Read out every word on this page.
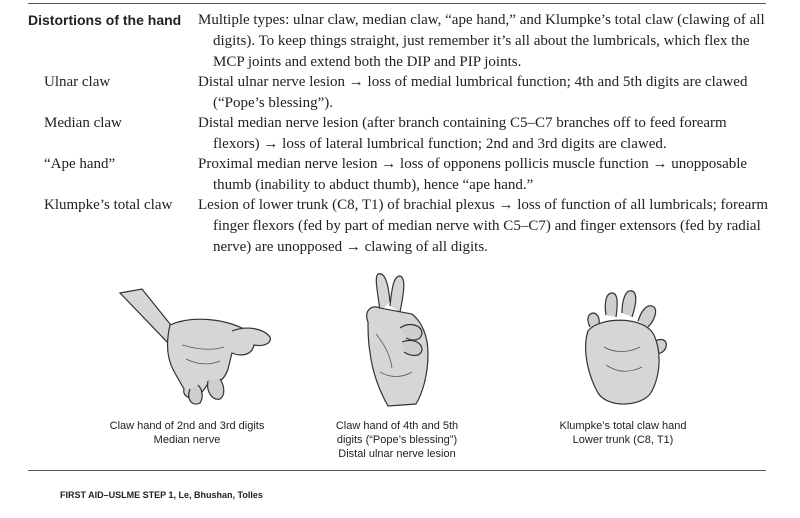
Distortions of the hand	Multiple types: ulnar claw, median claw, “ape hand,” and Klumpke’s total claw (clawing of all digits). To keep things straight, just remember it’s all about the lumbricals, which flex the MCP joints and extend both the DIP and PIP joints.
Ulnar claw	Distal ulnar nerve lesion → loss of medial lumbrical function; 4th and 5th digits are clawed (“Pope’s blessing”).
Median claw	Distal median nerve lesion (after branch containing C5–C7 branches off to feed forearm flexors) → loss of lateral lumbrical function; 2nd and 3rd digits are clawed.
“Ape hand”	Proximal median nerve lesion → loss of opponens pollicis muscle function → unopposable thumb (inability to abduct thumb), hence “ape hand.”
Klumpke’s total claw	Lesion of lower trunk (C8, T1) of brachial plexus → loss of function of all lumbricals; forearm finger flexors (fed by part of median nerve with C5–C7) and finger extensors (fed by radial nerve) are unopposed → clawing of all digits.
Claw hand of 2nd and 3rd digits
Median nerve
Claw hand of 4th and 5th
digits (“Pope’s blessing”)
Distal ulnar nerve lesion
Klumpke’s total claw hand
Lower trunk (C8, T1)
FIRST AID–USLME STEP 1, Le, Bhushan, Tolles
